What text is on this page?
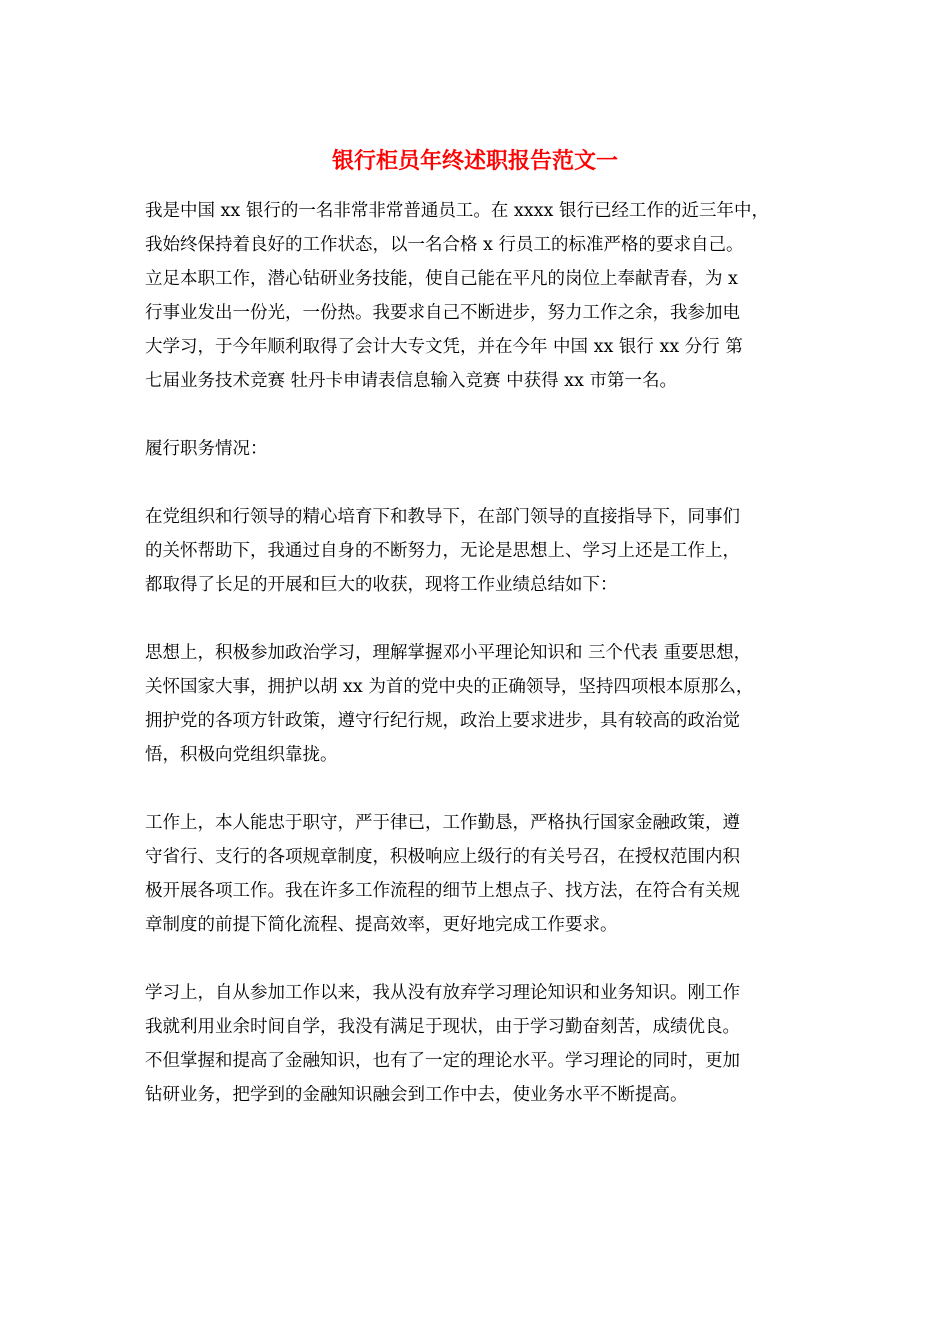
银行柜员年终述职报告范文一

我是中国 xx 银行的一名非常非常普通员工。在 xxxx 银行已经工作的近三年中，

我始终保持着良好的工作状态，以一名合格 x 行员工的标准严格的要求自己。

立足本职工作，潜心钻研业务技能，使自己能在平凡的岗位上奉献青春，为 x

行事业发出一份光，一份热。我要求自己不断进步，努力工作之余，我参加电

大学习，于今年顺利取得了会计大专文凭，并在今年 中国 xx 银行 xx 分行 第

七届业务技术竞赛 牡丹卡申请表信息输入竞赛 中获得 xx 市第一名。

履行职务情况：

在党组织和行领导的精心培育下和教导下，在部门领导的直接指导下，同事们

的关怀帮助下，我通过自身的不断努力，无论是思想上、学习上还是工作上，

都取得了长足的开展和巨大的收获，现将工作业绩总结如下：

思想上，积极参加政治学习，理解掌握邓小平理论知识和 三个代表 重要思想，

关怀国家大事，拥护以胡 xx 为首的党中央的正确领导，坚持四项根本原那么，

拥护党的各项方针政策，遵守行纪行规，政治上要求进步，具有较高的政治觉

悟，积极向党组织靠拢。

工作上，本人能忠于职守，严于律已，工作勤恳，严格执行国家金融政策，遵

守省行、支行的各项规章制度，积极响应上级行的有关号召，在授权范围内积

极开展各项工作。我在许多工作流程的细节上想点子、找方法，在符合有关规

章制度的前提下简化流程、提高效率，更好地完成工作要求。

学习上，自从参加工作以来，我从没有放弃学习理论知识和业务知识。刚工作

我就利用业余时间自学，我没有满足于现状，由于学习勤奋刻苦，成绩优良。

不但掌握和提高了金融知识，也有了一定的理论水平。学习理论的同时，更加

钻研业务，把学到的金融知识融会到工作中去，使业务水平不断提高。
